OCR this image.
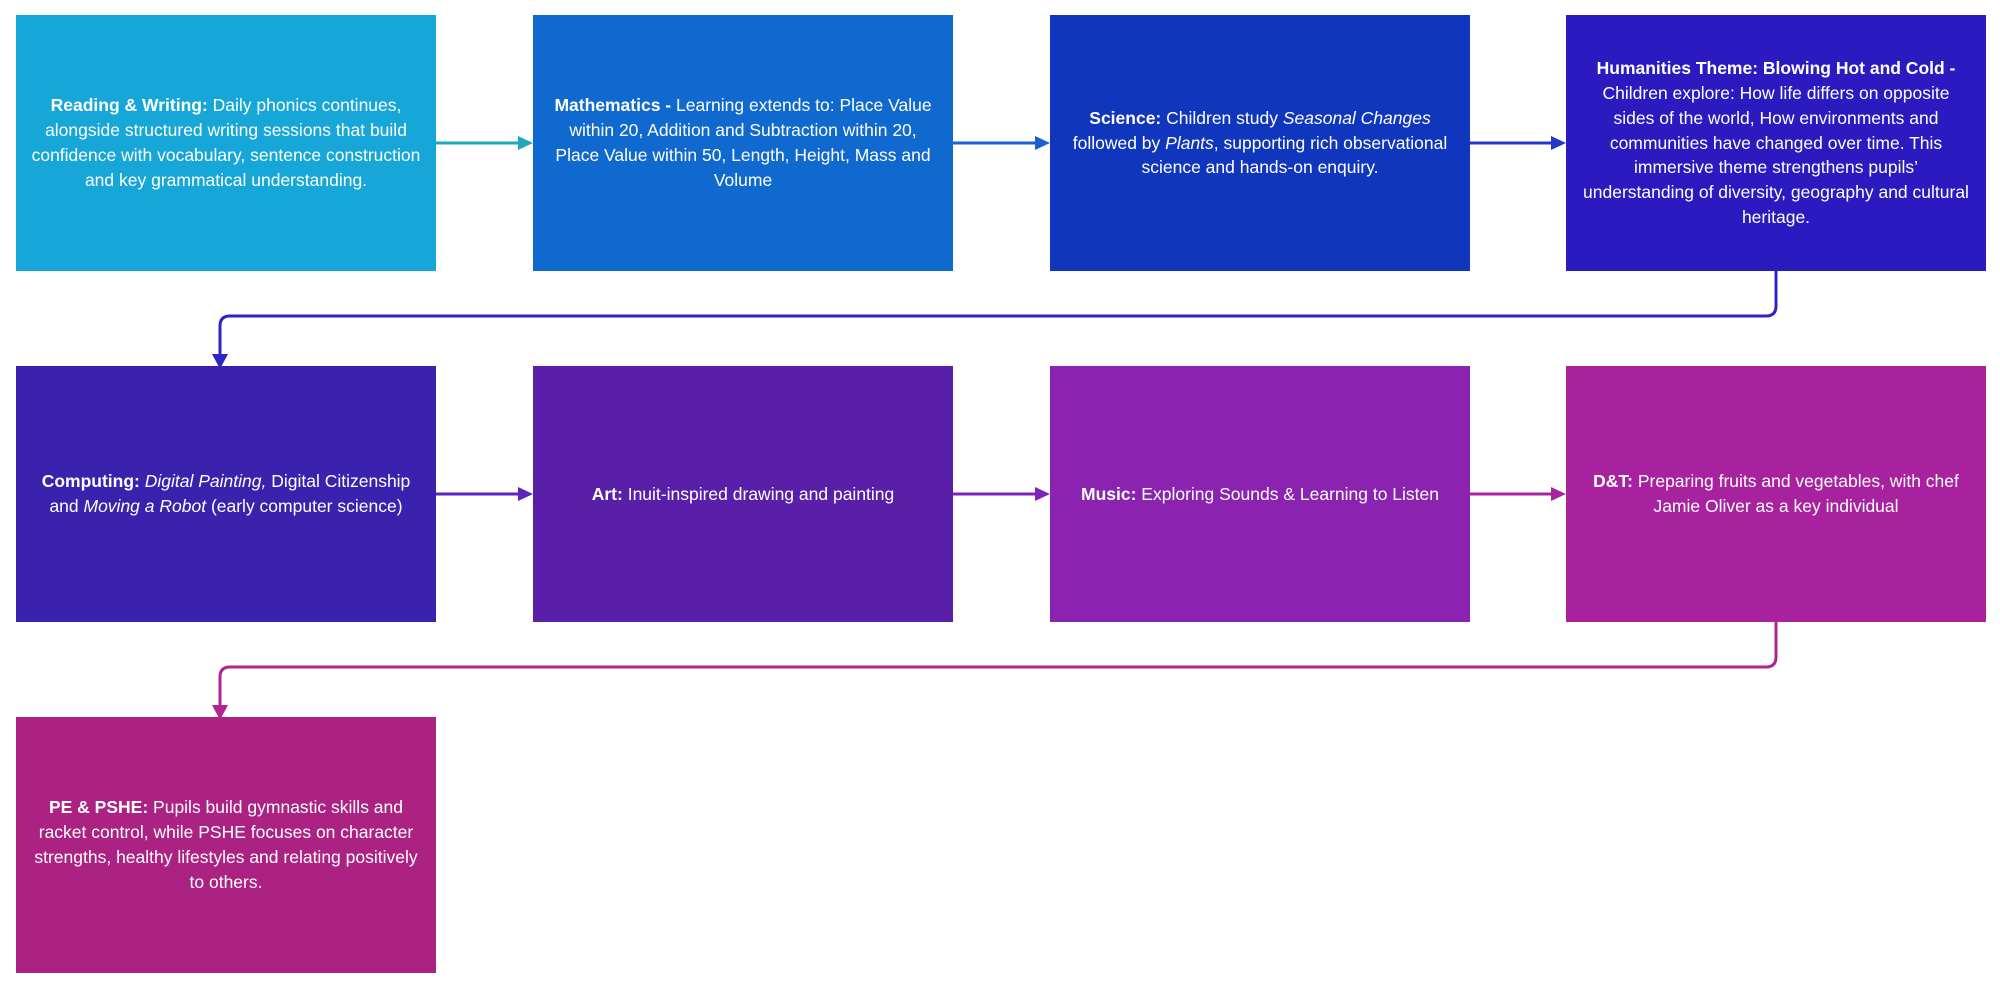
Reading & Writing: Daily phonics continues, alongside structured writing sessions that build confidence with vocabulary, sentence construction and key grammatical understanding.
Mathematics - Learning extends to: Place Value within 20, Addition and Subtraction within 20, Place Value within 50, Length, Height, Mass and Volume
Science: Children study Seasonal Changes followed by Plants, supporting rich observational science and hands-on enquiry.
Humanities Theme: Blowing Hot and Cold - Children explore: How life differs on opposite sides of the world, How environments and communities have changed over time. This immersive theme strengthens pupils’ understanding of diversity, geography and cultural heritage.
Computing: Digital Painting, Digital Citizenship and Moving a Robot (early computer science)
Art: Inuit-inspired drawing and painting	Music: Exploring Sounds & Learning to Listen
D&T: Preparing fruits and vegetables, with chef Jamie Oliver as a key individual
PE & PSHE: Pupils build gymnastic skills and racket control, while PSHE focuses on character strengths, healthy lifestyles and relating positively to others.
